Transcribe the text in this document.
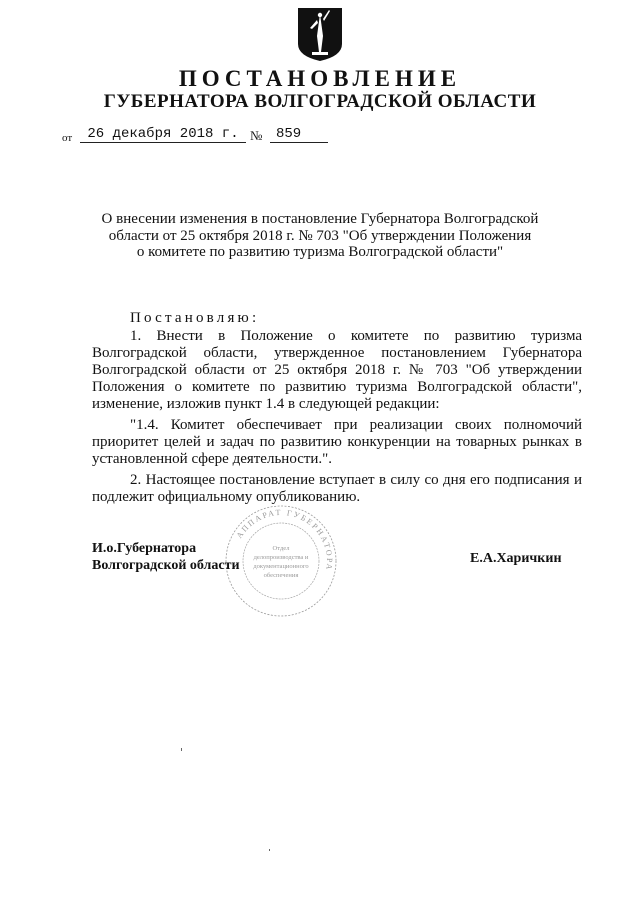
ПОСТАНОВЛЕНИЕ
ГУБЕРНАТОРА ВОЛГОГРАДСКОЙ ОБЛАСТИ
от	26 декабря 2018 г. № 859
О внесении изменения в постановление Губернатора Волгоградской
области от 25 октября 2018 г. № 703 "Об утверждении Положения
о комитете по развитию туризма Волгоградской области"

Постановляю:

1. Внести в Положение о комитете по развитию туризма Волгоградской области, утвержденное постановлением Губернатора Волгоградской области от 25 октября 2018 г. № 703 "Об утверждении Положения о комитете по развитию туризма Волгоградской области", изменение, изложив пункт 1.4 в следующей редакции:

"1.4. Комитет обеспечивает при реализации своих полномочий приоритет целей и задач по развитию конкуренции на товарных рынках в установленной сфере деятельности.".

2. Настоящее постановление вступает в силу со дня его подписания и подлежит официальному опубликованию.

АППАРАТ ГУБЕРНАТОРА
Отдел
делопроизводства и
документационного
обеспечения
И.о.Губернатора
Волгоградской области	Е.А.Харичкин
